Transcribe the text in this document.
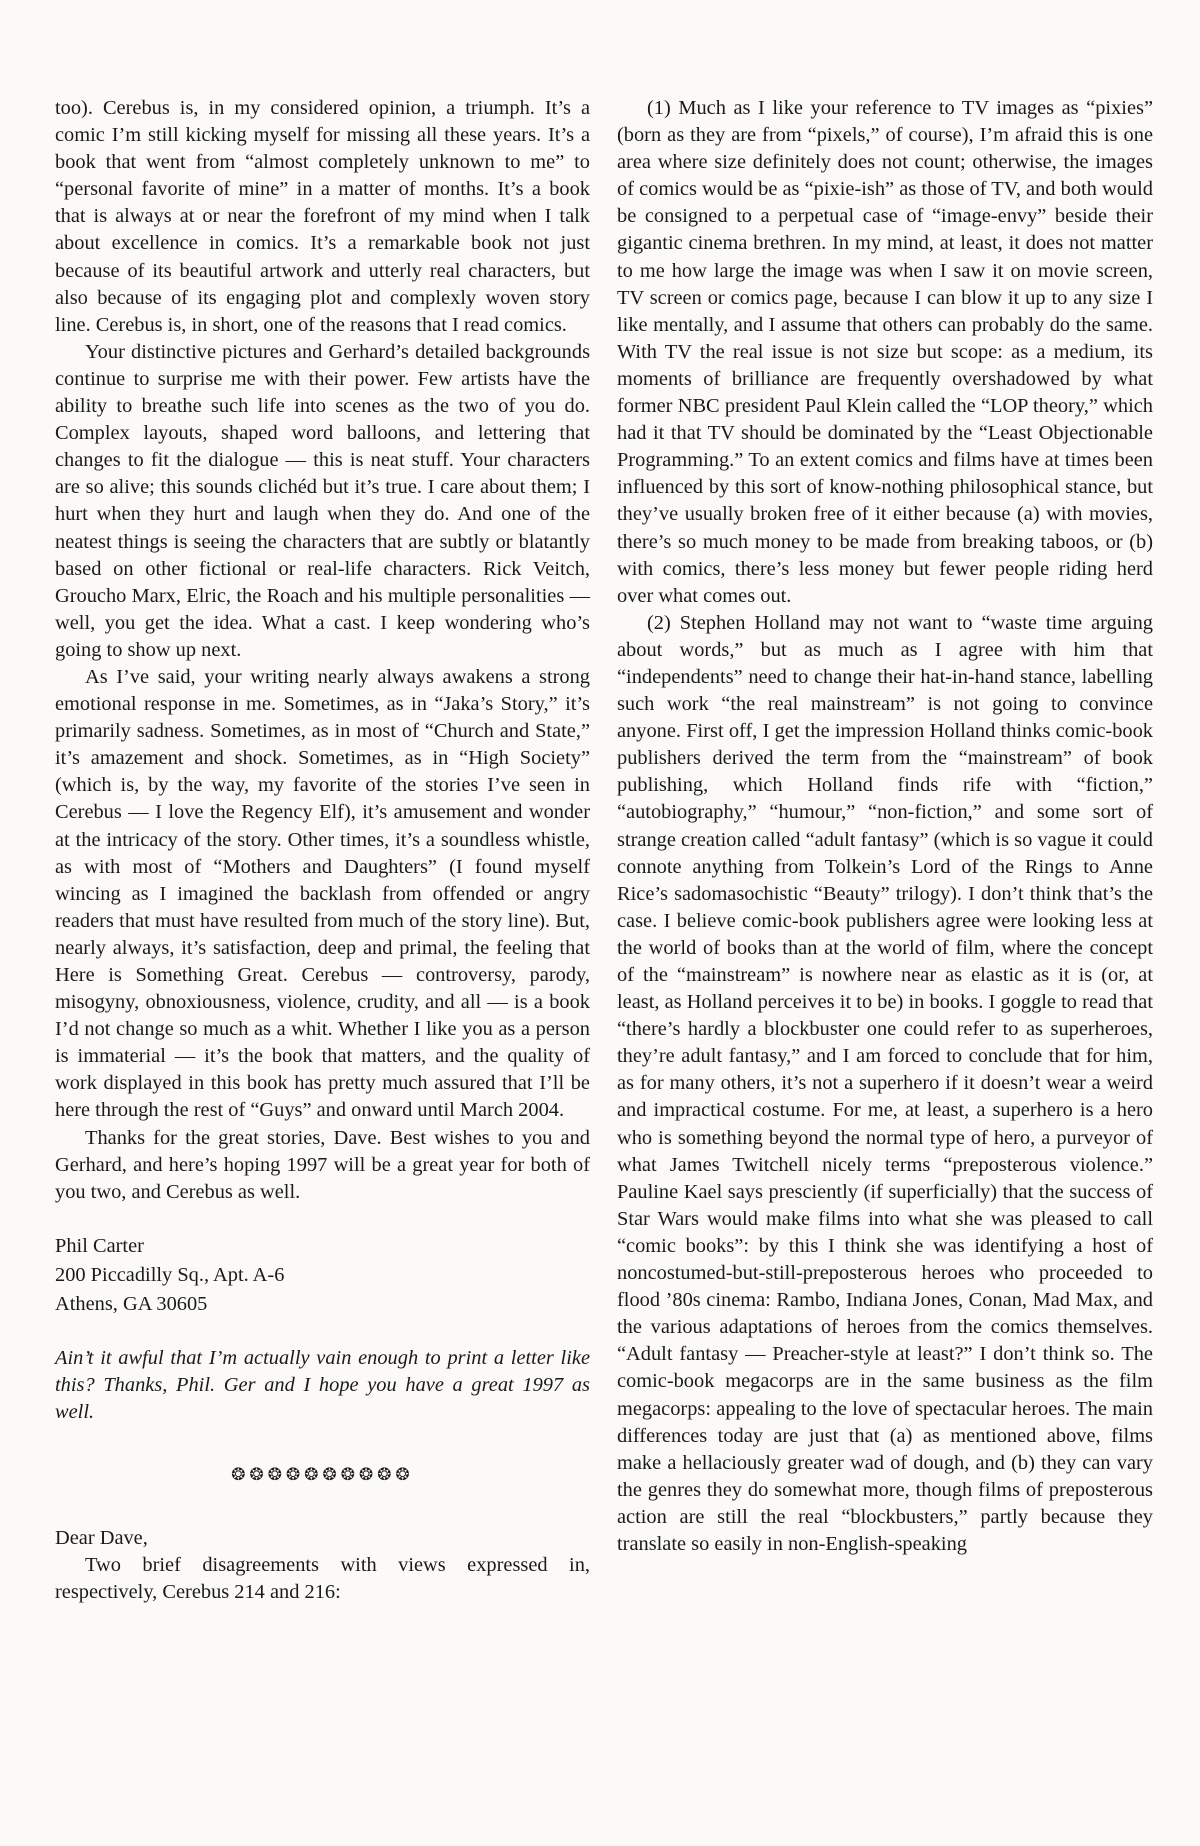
too). Cerebus is, in my considered opinion, a triumph. It’s a comic I’m still kicking myself for missing all these years. It’s a book that went from “almost completely unknown to me” to “personal favorite of mine” in a matter of months. It’s a book that is always at or near the forefront of my mind when I talk about excellence in comics. It’s a remarkable book not just because of its beautiful artwork and utterly real characters, but also because of its engaging plot and complexly woven story line. Cerebus is, in short, one of the reasons that I read comics.

Your distinctive pictures and Gerhard’s detailed backgrounds continue to surprise me with their power. Few artists have the ability to breathe such life into scenes as the two of you do. Complex layouts, shaped word balloons, and lettering that changes to fit the dialogue — this is neat stuff. Your characters are so alive; this sounds clichéd but it’s true. I care about them; I hurt when they hurt and laugh when they do. And one of the neatest things is seeing the characters that are subtly or blatantly based on other fictional or real-life characters. Rick Veitch, Groucho Marx, Elric, the Roach and his multiple personalities — well, you get the idea. What a cast. I keep wondering who’s going to show up next.

As I’ve said, your writing nearly always awakens a strong emotional response in me. Sometimes, as in “Jaka’s Story,” it’s primarily sadness. Sometimes, as in most of “Church and State,” it’s amazement and shock. Sometimes, as in “High Society” (which is, by the way, my favorite of the stories I’ve seen in Cerebus — I love the Regency Elf), it’s amusement and wonder at the intricacy of the story. Other times, it’s a soundless whistle, as with most of “Mothers and Daughters” (I found myself wincing as I imagined the backlash from offended or angry readers that must have resulted from much of the story line). But, nearly always, it’s satisfaction, deep and primal, the feeling that Here is Something Great. Cerebus — controversy, parody, misogyny, obnoxiousness, violence, crudity, and all — is a book I’d not change so much as a whit. Whether I like you as a person is immaterial — it’s the book that matters, and the quality of work displayed in this book has pretty much assured that I’ll be here through the rest of “Guys” and onward until March 2004.

Thanks for the great stories, Dave. Best wishes to you and Gerhard, and here’s hoping 1997 will be a great year for both of you two, and Cerebus as well.

Phil Carter
200 Piccadilly Sq., Apt. A-6
Athens, GA 30605

Ain’t it awful that I’m actually vain enough to print a letter like this? Thanks, Phil. Ger and I hope you have a great 1997 as well.

❂❂❂❂❂❂❂❂❂❂

Dear Dave,

Two brief disagreements with views expressed in, respectively, Cerebus 214 and 216:

(1) Much as I like your reference to TV images as “pixies” (born as they are from “pixels,” of course), I’m afraid this is one area where size definitely does not count; otherwise, the images of comics would be as “pixie-ish” as those of TV, and both would be consigned to a perpetual case of “image-envy” beside their gigantic cinema brethren. In my mind, at least, it does not matter to me how large the image was when I saw it on movie screen, TV screen or comics page, because I can blow it up to any size I like mentally, and I assume that others can probably do the same. With TV the real issue is not size but scope: as a medium, its moments of brilliance are frequently overshadowed by what former NBC president Paul Klein called the “LOP theory,” which had it that TV should be dominated by the “Least Objectionable Programming.” To an extent comics and films have at times been influenced by this sort of know-nothing philosophical stance, but they’ve usually broken free of it either because (a) with movies, there’s so much money to be made from breaking taboos, or (b) with comics, there’s less money but fewer people riding herd over what comes out.

(2) Stephen Holland may not want to “waste time arguing about words,” but as much as I agree with him that “independents” need to change their hat-in-hand stance, labelling such work “the real mainstream” is not going to convince anyone. First off, I get the impression Holland thinks comic-book publishers derived the term from the “mainstream” of book publishing, which Holland finds rife with “fiction,” “autobiography,” “humour,” “non-fiction,” and some sort of strange creation called “adult fantasy” (which is so vague it could connote anything from Tolkein’s Lord of the Rings to Anne Rice’s sadomasochistic “Beauty” trilogy). I don’t think that’s the case. I believe comic-book publishers agree were looking less at the world of books than at the world of film, where the concept of the “mainstream” is nowhere near as elastic as it is (or, at least, as Holland perceives it to be) in books. I goggle to read that “there’s hardly a blockbuster one could refer to as superheroes, they’re adult fantasy,” and I am forced to conclude that for him, as for many others, it’s not a superhero if it doesn’t wear a weird and impractical costume. For me, at least, a superhero is a hero who is something beyond the normal type of hero, a purveyor of what James Twitchell nicely terms “preposterous violence.” Pauline Kael says presciently (if superficially) that the success of Star Wars would make films into what she was pleased to call “comic books”: by this I think she was identifying a host of noncostumed-but-still-preposterous heroes who proceeded to flood ’80s cinema: Rambo, Indiana Jones, Conan, Mad Max, and the various adaptations of heroes from the comics themselves. “Adult fantasy — Preacher-style at least?” I don’t think so. The comic-book megacorps are in the same business as the film megacorps: appealing to the love of spectacular heroes. The main differences today are just that (a) as mentioned above, films make a hellaciously greater wad of dough, and (b) they can vary the genres they do somewhat more, though films of preposterous action are still the real “blockbusters,” partly because they translate so easily in non-English-speaking
